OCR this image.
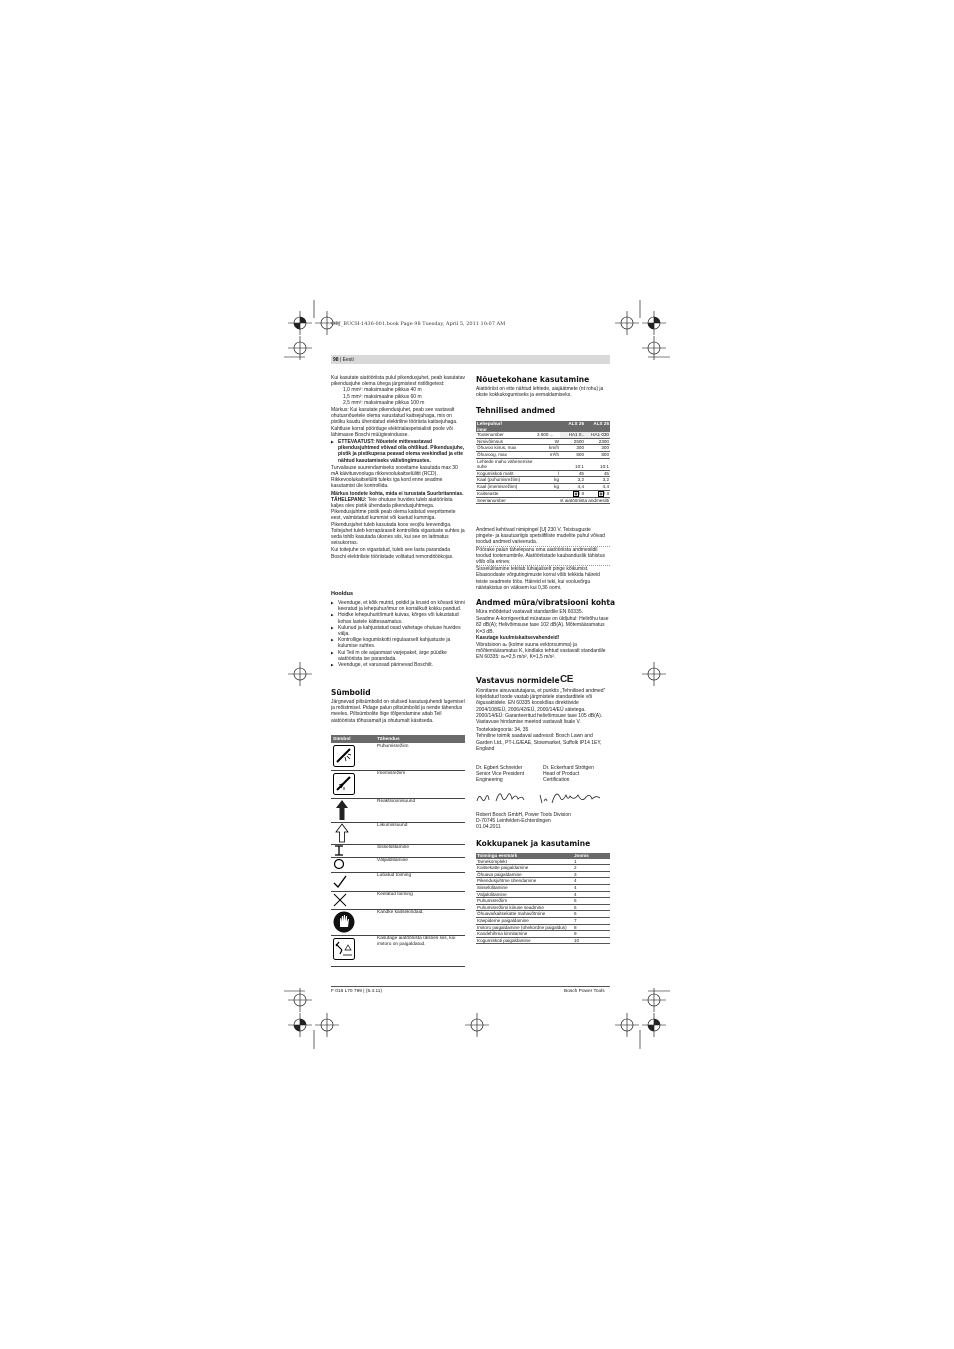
OBJ_BUCH-1436-001.book Page 98 Tuesday, April 5, 2011 10:07 AM
98 | Eesti

Kui kasutate aiatööriista pulul pikendusjuhet, peab kasutatav pikendusjuhe olema ühega järgmistest ristlõigetest:

1,0 mm²: maksimaalne pikkus 40 m
1,5 mm²: maksimaalne pikkus 60 m
2,5 mm²: maksimaalne pikkus 100 m

Märkus: Kui kasutate pikendusjuhet, peab see vastavalt ohutusnõuetele olema varustatud kaitsejuhaga, mis on pistiku kaudu ühendatud elektriline tööriista kaitsejuhaga.

Kahtluse korral pöörduge elektrialaspetsialisti poole või lähimasse Boschi müügiesindusse.

▶ ETTEVAATUST: Nõuetele mittevastavad pikendusjuhtmed võivad olla ohtlikud. Pikendusjuhe, pistik ja pistikupesa peavad olema veekindlad ja ette nähtud kasutamiseks välistingimustes.

Turvalisuse suurendamiseks soovitame kasutada max 30 mA käivitusvooluga rikkevoolukaitselülitit (RCD). Rikkevoolukaitselüliti tuleks iga kord enne seadme kasutamist üle kontrollida.

Märkus toodete kohta, mida ei turustata Suurbritannias. TÄHELEPANU: Teie ohutuse huvides tuleb aiatööriista kaljes olev pistik ühendada pikendusjuhtmega. Pikendusjuhtme pistik peab olema kaitstud veepritsmete eest, valmistatud kummist või kaetud kummiga. Pikendusjuhet tuleb kasutada koos veojõu leevendiga. Toitejuhet tuleb korrapäraselt kontrollida vigastuste suhtes ja seda tohib kasutada üksnes siis, kui see on laitmatus seisukorras.

Kui toitejuhe on vigastatud, tuleb see lasta parandada Boschi elektriliste tööriistade volitatud remonditöökojas.

Hooldus
▶ Veenduge, et kõik mutrid, poldid ja kruvid on kõvasti kinni keeratud ja lehepuhur/imur on korralikult kokku pandud.
▶ Hoidke lehepuhurit/imurit kuivas, kõrges või lukustatud kohas lastele kättesaamatus.
▶ Kulunud ja kahjustatud osad vahetage ohutuse huvides välja.
▶ Kontrollige kogumiskotti regulaarselt kahjustuste ja kulumise suhtes.
▶ Kui Teil m ole asjaomast varjepaket, ärge püüdke aiatööriista ise parandada.
▶ Veenduge, et varuosad pärinevad Boschilt.
Sümbolid
Järgnevad piltsümbolid on olulised kasutusjuhendi lugemisel ja mõistmisel. Pidage palun piltsümbolid ja nende tähendus meeles. Piltsümbolite õige tõlgendamine aitab Teil aiatööriista tõhusamalt ja ohutumalt käsitseda.
Sümbol	Tähendus
Puhumisrežiim
Imemisrežiim
Reaktsioonisuund
Liikumissuund
Sisselülitamine
Väljalülitamine
Lubatud toiming
Keelatud toiming
Kandke kaitsekindaid.
Kasutage aiatööriista üksnes siis, kui imitoru on paigaldatud.
Nõuetekohane kasutamine
Aiatööriist on ette nähtud lehtede, aiajäätmete (nt rohu) ja okste kokkukogumiseks ja eemaldamiseks.
Tehnilised andmed
Lehepuhur/
imur		ALS 25	ALS 25
Tootenumber	3 600 ...	HA1 0..	HA1 030
Nimivõimsus	W	2500	2300
Õhuvoo kiirus, max	km/h	300	300
Õhuvoog, max	m³/h	800	800
Lehtede mahu vähenemise suhe		10:1	10:1
Kogumiskoti maht	l	45	45
Kaal (puhumisrežiim)	kg	3,2	3,2
Kaal (imemisrežiim)	kg	4,4	4,4
Kaitseaste		/ II	/ II
Seerianumber	vt aiatööriista andmesilti		
Andmed kehtivad nimipingel [U] 230 V. Teistsuguste pingete- ja kasutusriigis spetsiifiliste mudelite puhul võivad toodud andmed varieeruda.
Pöörake palun tähelepanu oma aiatööriista andmesildil toodud tootenumbrile. Aiatööriistade kaubanduslik tähistus võib olla erinev.
Sisselülitamine tekitab lühiajaliselt pinge kõikumist. Ebasoodsate võrgutingimuste korral võib tekkida häireid teiste seadmete töös. Häireid ei teki, kui vooluvõrgu näivtakistus on väiksem kui 0,36 oomi.
Andmed müra/vibratsiooni kohta

Müra mõõdetud vastavalt standardile EN 60335.

Seadme A-korrigeeritud müratase on üldjuhul: Helirõhu tase 82 dB(A); Helivõimsuse tase 102 dB(A). Mõtemääramatus K=3 dB.

Kasutage kuulmiskaitsevahendeid!

Vibratsioon aₕ (kolme suuna vektorsumma) ja mõõtemääramatus K, kindlaks tehtud vastavalt standardile EN 60335: aₕ=2,5 m/s², K=1,5 m/s².

Vastavus normidele CE

Kinnitame ainuvastutajana, et punktis „Tehnilised andmed“ kirjeldatud toode vastab järgmistele standarditele või õigusaktidele. EN 60335 kooskõlas direktiivide 2004/108/EÜ, 2006/42/EÜ, 2000/14/EÜ sätetega.

2000/14/EÜ: Garanteeritud helivõimsuse tase 105 dB(A). Vastavuse hindamise meetod vastavalt lisale V.

Tootekategooria: 34, 35

Tehniline toimik saadaval aadressil: Bosch Lawn and Garden Ltd., PT-LG/EAE, Stowmarket, Suffolk IP14 1EY, England

Dr. Egbert Schneider
Senior Vice President
Engineering
Dr. Eckerhard Strötgen
Head of Product
Certification
Robert Bosch GmbH, Power Tools Division
D-70745 Leinfelden-Echterdingen
01.04.2011
Kokkupanek ja kasutamine
Toimingu eesmärk	Joonis
Tarnekomplekt	1
Kaitsekatte paigaldamine	2
Õhuava paigaldamine	3
Pikendusjuhtme ühendamine	4
Sisselülitamine	4
Väljalülitamine	4
Puhumisrežiim	5
Puhumisrežiimi kiiruse seadmine	5
Õhuava/kaitsekatte mahavõtmine	6
Käepideme paigaldamine	7
Imitoru paigaldamine (ühekordne paigaldus)	8
Kandehihma kinnitamine	9
Kogumiskoti paigaldamine	10
F 016 L70 799 | (5.4.11)	Bosch Power Tools
